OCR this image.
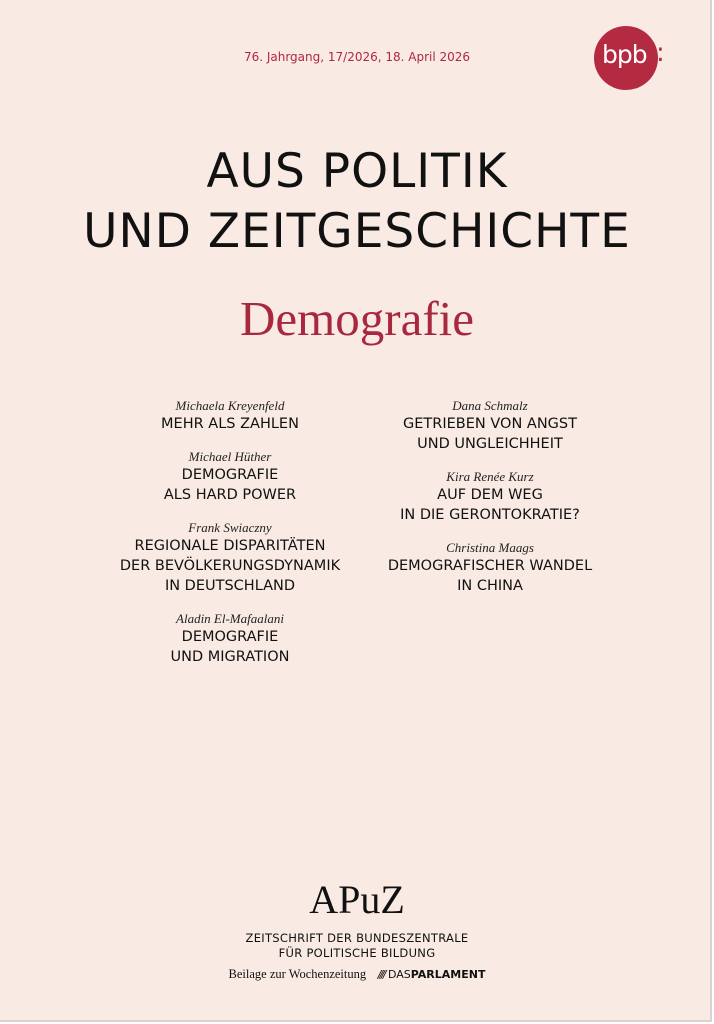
76. Jahrgang, 17/2026, 18. April 2026	bpb :
AUS POLITIK
UND ZEITGESCHICHTE
Demografie
Michaela Kreyenfeld
MEHR ALS ZAHLEN
Michael Hüther
DEMOGRAFIE
ALS HARD POWER
Frank Swiaczny
REGIONALE DISPARITÄTEN
DER BEVÖLKERUNGSDYNAMIK
IN DEUTSCHLAND
Aladin El-Mafaalani
DEMOGRAFIE
UND MIGRATION
Dana Schmalz
GETRIEBEN VON ANGST
UND UNGLEICHHEIT
Kira Renée Kurz
AUF DEM WEG
IN DIE GERONTOKRATIE?
Christina Maags
DEMOGRAFISCHER WANDEL
IN CHINA
APuZ
ZEITSCHRIFT DER BUNDESZENTRALE
FÜR POLITISCHE BILDUNG
Beilage zur Wochenzeitung //// DASPARLAMENT
